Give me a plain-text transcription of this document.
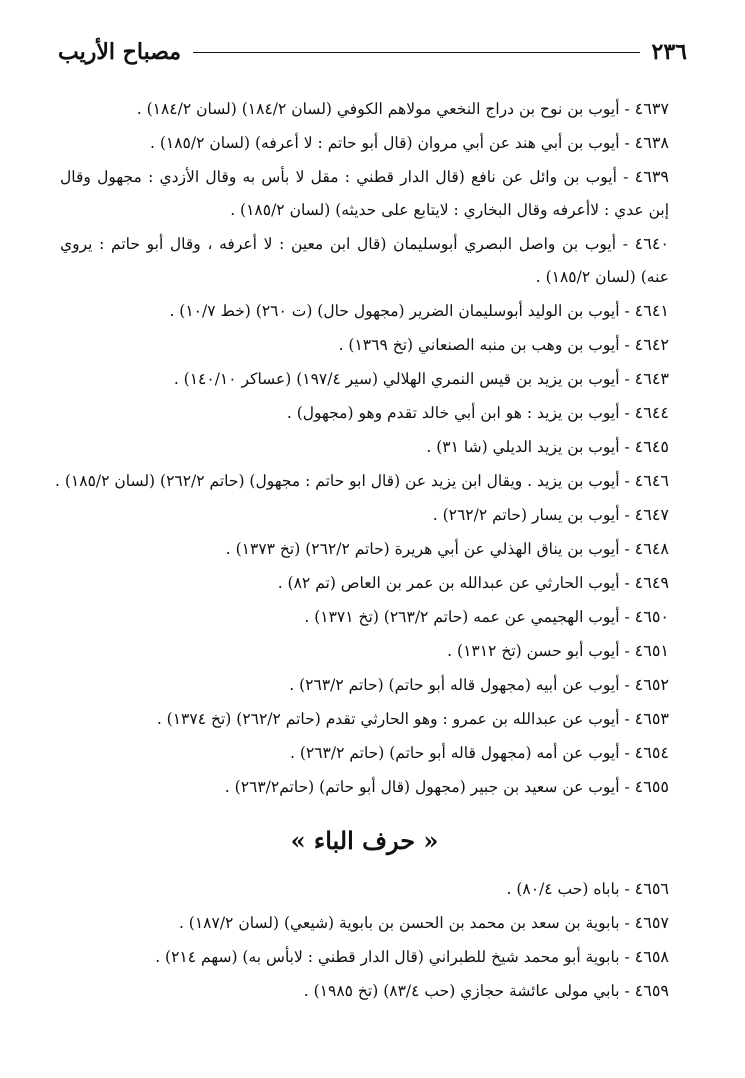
٢٣٦
مصباح الأريب
٤٦٣٧ - أيوب بن نوح بن دراج النخعي مولاهم الكوفي (لسان ١٨٤/٢) (لسان ١٨٤/٢) .
٤٦٣٨ - أيوب بن أبي هند عن أبي مروان (قال أبو حاتم : لا أعرفه) (لسان ١٨٥/٢) .
٤٦٣٩ - أيوب بن وائل عن نافع (قال الدار قطني : مقل لا بأس به وقال الأزدي : مجهول وقال إبن عدي : لاأعرفه وقال البخاري : لايتابع على حديثه) (لسان ١٨٥/٢) .
٤٦٤٠ - أيوب بن واصل البصري أبوسليمان (قال ابن معين : لا أعرفه ، وقال أبو حاتم : يروي عنه) (لسان ١٨٥/٢) .
٤٦٤١ - أيوب بن الوليد أبوسليمان الضرير (مجهول حال) (ت ٢٦٠) (خط ١٠/٧) .
٤٦٤٢ - أيوب بن وهب بن منبه الصنعاني (تخ ١٣٦٩) .
٤٦٤٣ - أيوب بن يزيد بن قيس النمري الهلالي (سير ١٩٧/٤) (عساكر ١٤٠/١٠) .
٤٦٤٤ - أيوب بن يزيد : هو ابن أبي خالد تقدم وهو (مجهول) .
٤٦٤٥ - أيوب بن يزيد الديلي (شا ٣١) .
٤٦٤٦ - أيوب بن يزيد . ويقال ابن يزيد عن (قال ابو حاتم : مجهول) (حاتم ٢٦٢/٢) (لسان ١٨٥/٢) .
٤٦٤٧ - أيوب بن يسار (حاتم ٢٦٢/٢) .
٤٦٤٨ - أيوب بن يناق الهذلي عن أبي هريرة (حاتم ٢٦٢/٢) (تخ ١٣٧٣) .
٤٦٤٩ - أيوب الحارثي عن عبدالله بن عمر بن العاص (تم ٨٢) .
٤٦٥٠ - أيوب الهجيمي عن عمه (حاتم ٢٦٣/٢) (تخ ١٣٧١) .
٤٦٥١ - أيوب أبو حسن (تخ ١٣١٢) .
٤٦٥٢ - أيوب عن أبيه (مجهول قاله أبو حاتم) (حاتم ٢٦٣/٢) .
٤٦٥٣ - أيوب عن عبدالله بن عمرو : وهو الحارثي تقدم (حاتم ٢٦٢/٢) (تخ ١٣٧٤) .
٤٦٥٤ - أيوب عن أمه (مجهول قاله أبو حاتم) (حاتم ٢٦٣/٢) .
٤٦٥٥ - أيوب عن سعيد بن جبير (مجهول (قال أبو حاتم) (حاتم٢٦٣/٢) .
« حرف الباء »
٤٦٥٦ - باباه (حب ٨٠/٤) .
٤٦٥٧ - بابوية بن سعد بن محمد بن الحسن بن بابوية (شيعي) (لسان ١٨٧/٢) .
٤٦٥٨ - بابوية أبو محمد شيخ للطبراني (قال الدار قطني : لابأس به) (سهم ٢١٤) .
٤٦٥٩ - بابي مولى عائشة حجازي (حب ٨٣/٤) (تخ ١٩٨٥) .
